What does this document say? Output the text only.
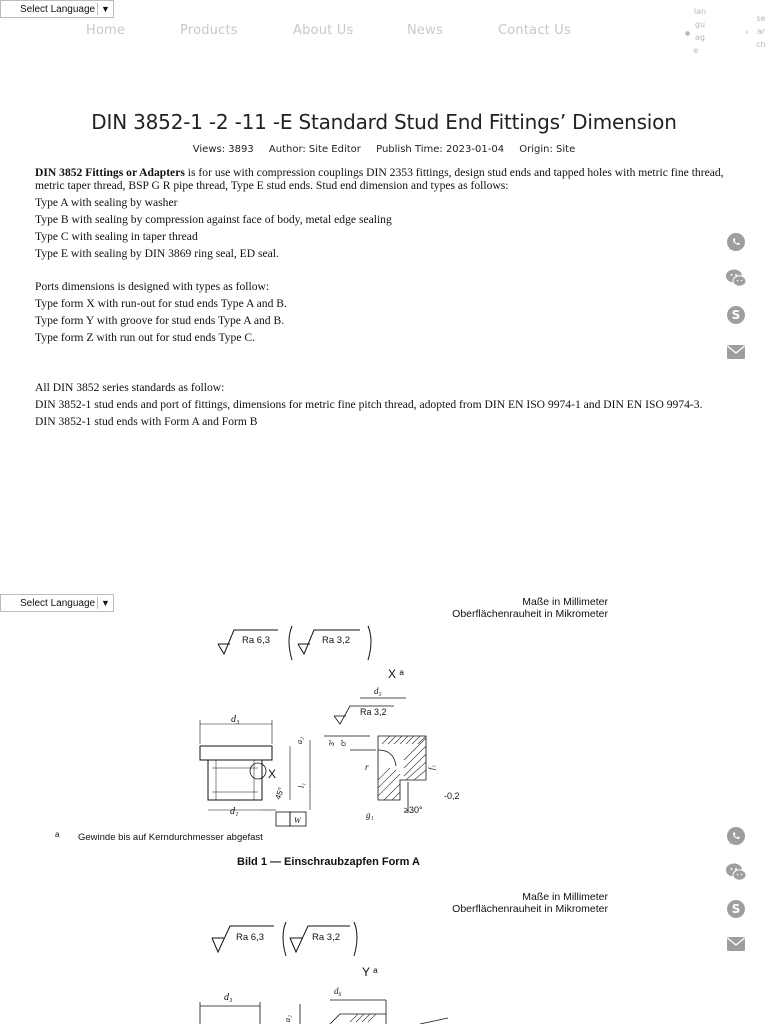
Select Language ▼
Home	Products	About Us	News	Contact Us	●
lan
gu
ag
e
⌕
se
ar
ch
DIN 3852-1 -2 -11 -E Standard Stud End Fittings’ Dimension
Views: 3893 Author: Site Editor Publish Time: 2023-01-04 Origin: Site

DIN 3852 Fittings or Adapters is for use with compression couplings DIN 2353 fittings, design stud ends and tapped holes with metric fine thread, metric taper thread, BSP G R pipe thread, Type E stud ends. Stud end dimension and types as follows:

Type A with sealing by washer

Type B with sealing by compression against face of body, metal edge sealing

Type C with sealing in taper thread

Type E with sealing by DIN 3869 ring seal, ED seal.

Ports dimensions is designed with types as follow:

Type form X with run-out for stud ends Type A and B.

Type form Y with groove for stud ends Type A and B.

Type form Z with run out for stud ends Type C.

All DIN 3852 series standards as follow:

DIN 3852-1 stud ends and port of fittings, dimensions for metric fine pitch thread, adopted from DIN EN ISO 9974-1 and DIN EN ISO 9974-3.

DIN 3852-1 stud ends with Form A and Form B

S
Select Language ▼	Maße in Millimeter
Oberflächenrauheit in Mikrometer
Ra 6,3	Ra 3,2
d₃
d₁
X
45°
a₂
l₁
W
X ᵃ
d₅
Ra 3,2
3° 0°
r	f₁
-0,2
≥30°
g₁
a Gewinde bis auf Kerndurchmesser abgefast
Bild 1 — Einschraubzapfen Form A
S
Maße in Millimeter
Oberflächenrauheit in Mikrometer
Ra 6,3	Ra 3,2
Y ᵃ
d₆
d₃
a₂
